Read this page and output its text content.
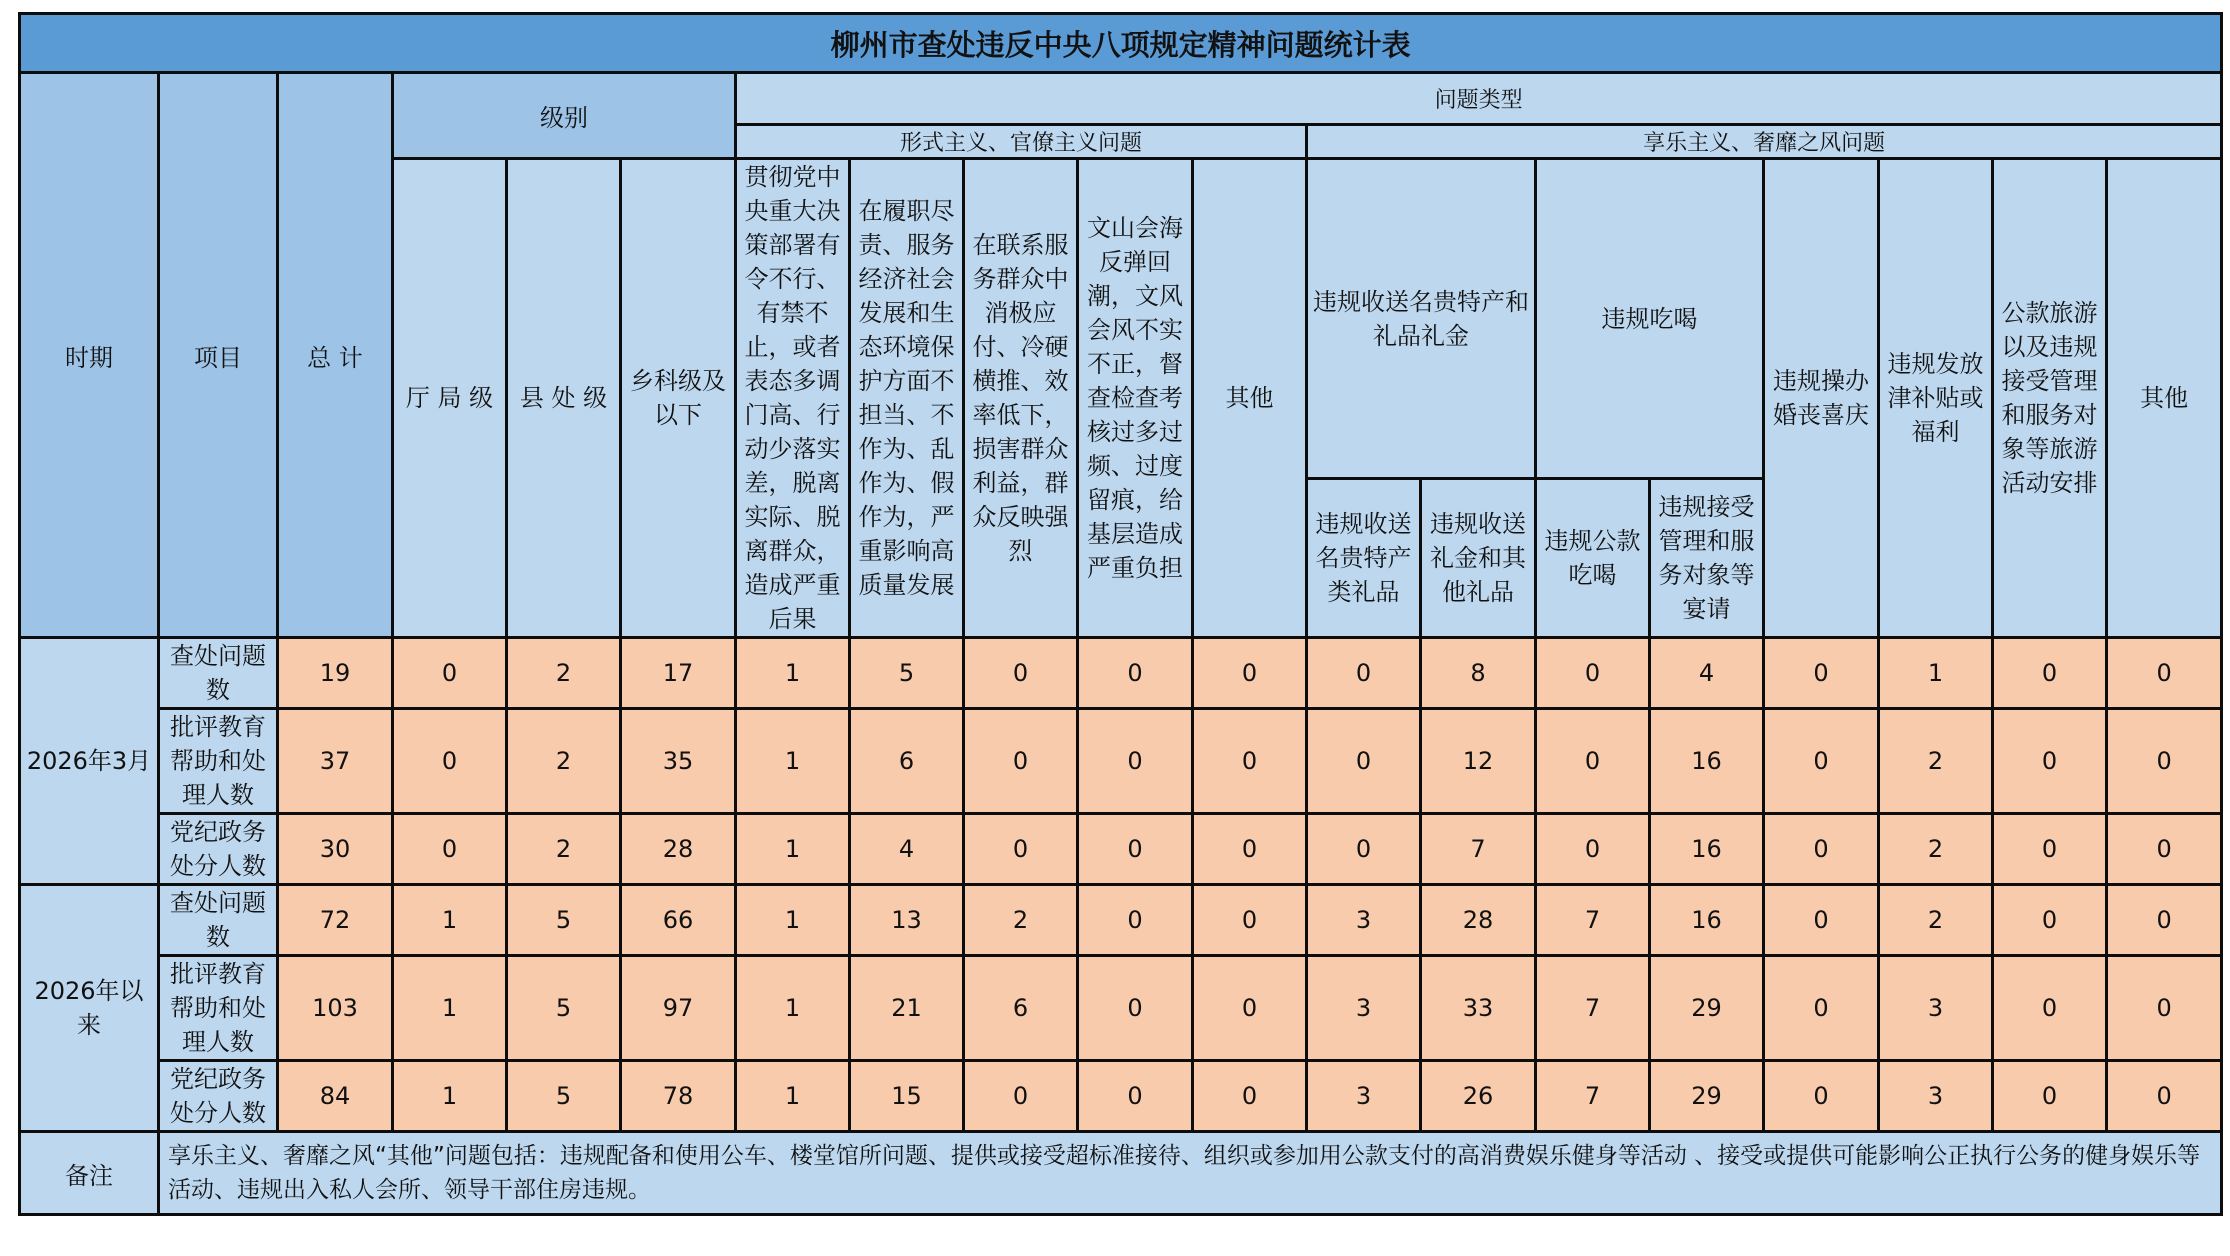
柳州市查处违反中央八项规定精神问题统计表																		
时期	项目	总 计	级别			问题类型												
						形式主义、官僚主义问题					享乐主义、奢靡之风问题							
			厅 局 级	县 处 级	乡科级及以下	贯彻党中央重大决策部署有令不行、有禁不止，或者表态多调门高、行动少落实差，脱离实际、脱离群众，造成严重后果	在履职尽责、服务经济社会发展和生态环境保护方面不担当、不作为、乱作为、假作为，严重影响高质量发展	在联系服务群众中消极应付、冷硬横推、效率低下，损害群众利益，群众反映强烈	文山会海反弹回潮，文风会风不实不正，督查检查考核过多过频、过度留痕，给基层造成严重负担	其他	违规收送名贵特产和礼品礼金		违规吃喝		违规操办婚丧喜庆	违规发放津补贴或福利	公款旅游以及违规接受管理和服务对象等旅游活动安排	其他
											违规收送名贵特产类礼品	违规收送礼金和其他礼品	违规公款吃喝	违规接受管理和服务对象等宴请				

2026年3月	查处问题数	19	0	2	17	1	5	0	0	0	0	8	0	4	0	1	0	0
	批评教育帮助和处理人数	37	0	2	35	1	6	0	0	0	0	12	0	16	0	2	0	0
	党纪政务处分人数	30	0	2	28	1	4	0	0	0	0	7	0	16	0	2	0	0
2026年以来	查处问题数	72	1	5	66	1	13	2	0	0	3	28	7	16	0	2	0	0
	批评教育帮助和处理人数	103	1	5	97	1	21	6	0	0	3	33	7	29	0	3	0	0
	党纪政务处分人数	84	1	5	78	1	15	0	0	0	3	26	7	29	0	3	0	0
备注	享乐主义、奢靡之风“其他”问题包括：违规配备和使用公车、楼堂馆所问题、提供或接受超标准接待、组织或参加用公款支付的高消费娱乐健身等活动 、接受或提供可能影响公正执行公务的健身娱乐等活动、违规出入私人会所、领导干部住房违规。																	
